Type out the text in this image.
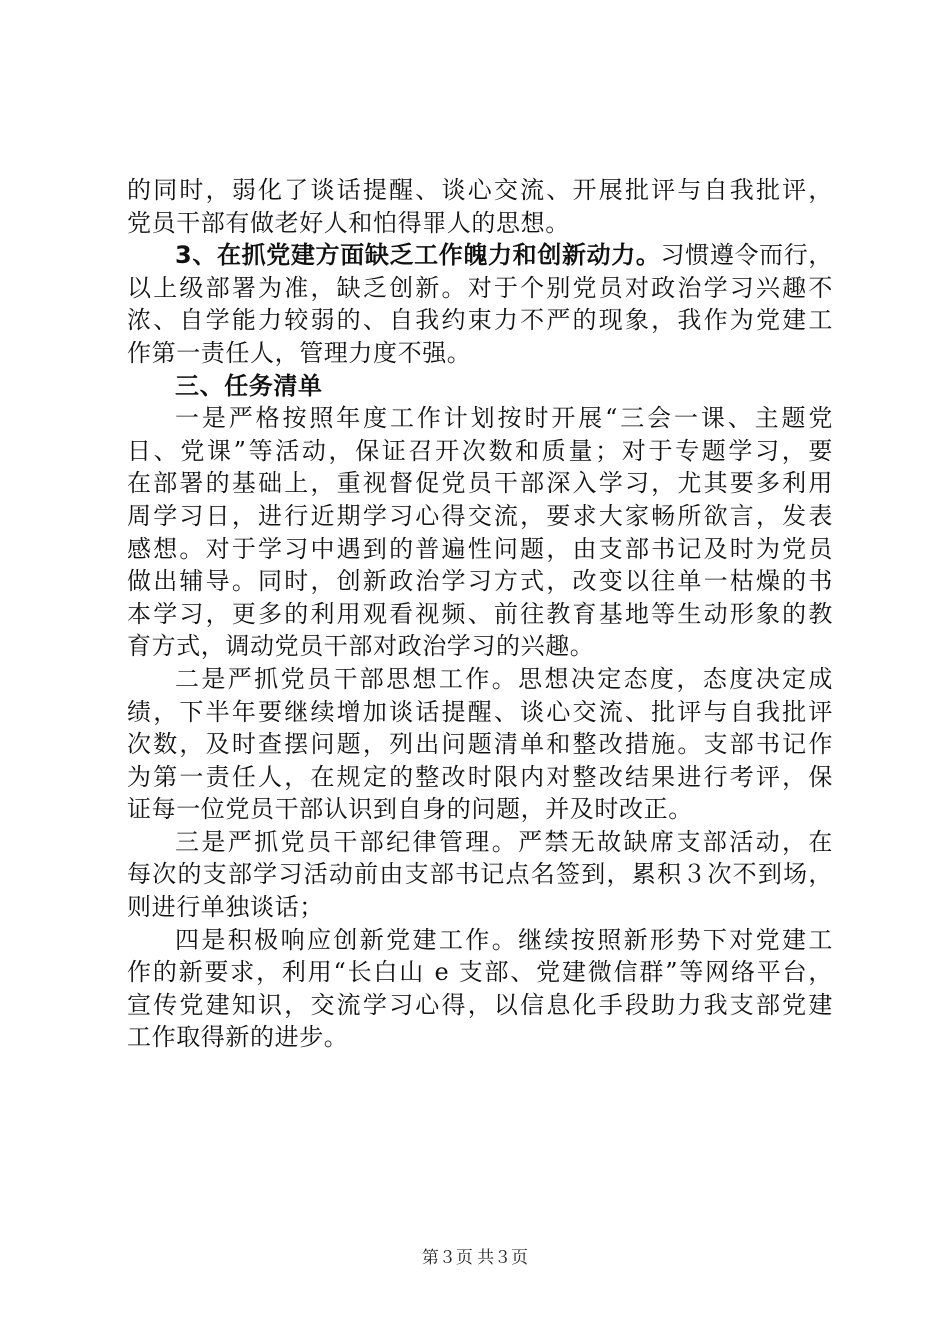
的同时，弱化了谈话提醒、谈心交流、开展批评与自我批评，
党员干部有做老好人和怕得罪人的思想。
3、在抓党建方面缺乏工作魄力和创新动力。习惯遵令而行，
以上级部署为准，缺乏创新。对于个别党员对政治学习兴趣不
浓、自学能力较弱的、自我约束力不严的现象，我作为党建工
作第一责任人，管理力度不强。
三、任务清单
一是严格按照年度工作计划按时开展“三会一课、主题党
日、党课”等活动，保证召开次数和质量；对于专题学习，要
在部署的基础上，重视督促党员干部深入学习，尤其要多利用
周学习日，进行近期学习心得交流，要求大家畅所欲言，发表
感想。对于学习中遇到的普遍性问题，由支部书记及时为党员
做出辅导。同时，创新政治学习方式，改变以往单一枯燥的书
本学习，更多的利用观看视频、前往教育基地等生动形象的教
育方式，调动党员干部对政治学习的兴趣。
二是严抓党员干部思想工作。思想决定态度，态度决定成
绩，下半年要继续增加谈话提醒、谈心交流、批评与自我批评
次数，及时查摆问题，列出问题清单和整改措施。支部书记作
为第一责任人，在规定的整改时限内对整改结果进行考评，保
证每一位党员干部认识到自身的问题，并及时改正。
三是严抓党员干部纪律管理。严禁无故缺席支部活动，在
每次的支部学习活动前由支部书记点名签到，累积３次不到场，
则进行单独谈话；
四是积极响应创新党建工作。继续按照新形势下对党建工
作的新要求，利用“长白山 e 支部、党建微信群”等网络平台，
宣传党建知识，交流学习心得，以信息化手段助力我支部党建
工作取得新的进步。
第３页 共３页
